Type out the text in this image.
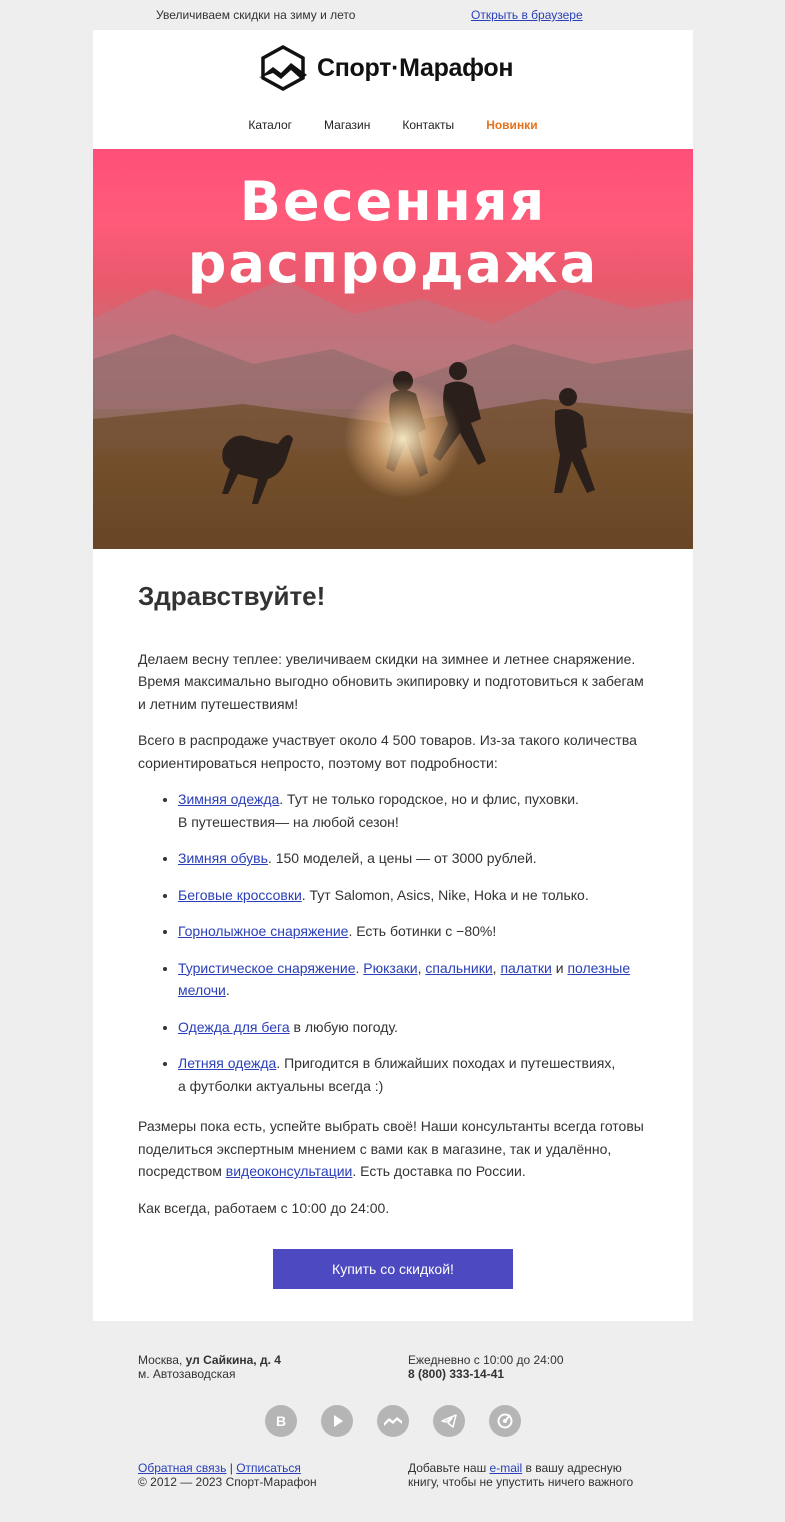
Увеличиваем скидки на зиму и лето	Открыть в браузере
Спорт·Марафон
Каталог	Магазин	Контакты	Новинки
Весенняя
распродажа
Здравствуйте!

Делаем весну теплее: увеличиваем скидки на зимнее и летнее снаряжение. Время максимально выгодно обновить экипировку и подготовиться к забегам и летним путешествиям!

Всего в распродаже участвует около 4 500 товаров. Из-за такого количества сориентироваться непросто, поэтому вот подробности:

• Зимняя одежда. Тут не только городское, но и флис, пуховки.
В путешествия— на любой сезон!
• Зимняя обувь. 150 моделей, а цены — от 3000 рублей.
• Беговые кроссовки. Тут Salomon, Asics, Nike, Hoka и не только.
• Горнолыжное снаряжение. Есть ботинки с −80%!
• Туристическое снаряжение. Рюкзаки, спальники, палатки и полезные мелочи.
• Одежда для бега в любую погоду.
• Летняя одежда. Пригодится в ближайших походах и путешествиях,
а футболки актуальны всегда :)

Размеры пока есть, успейте выбрать своё! Наши консультанты всегда готовы поделиться экспертным мнением с вами как в магазине, так и удалённо, посредством видеоконсультации. Есть доставка по России.

Как всегда, работаем с 10:00 до 24:00.

Купить со скидкой!
Москва, ул Сайкина, д. 4
м. Автозаводская
Ежедневно с 10:00 до 24:00
8 (800) 333-14-41
В
Обратная связь | Отписаться
© 2012 — 2023 Спорт-Марафон
Добавьте наш e-mail в вашу адресную книгу, чтобы не упустить ничего важного
